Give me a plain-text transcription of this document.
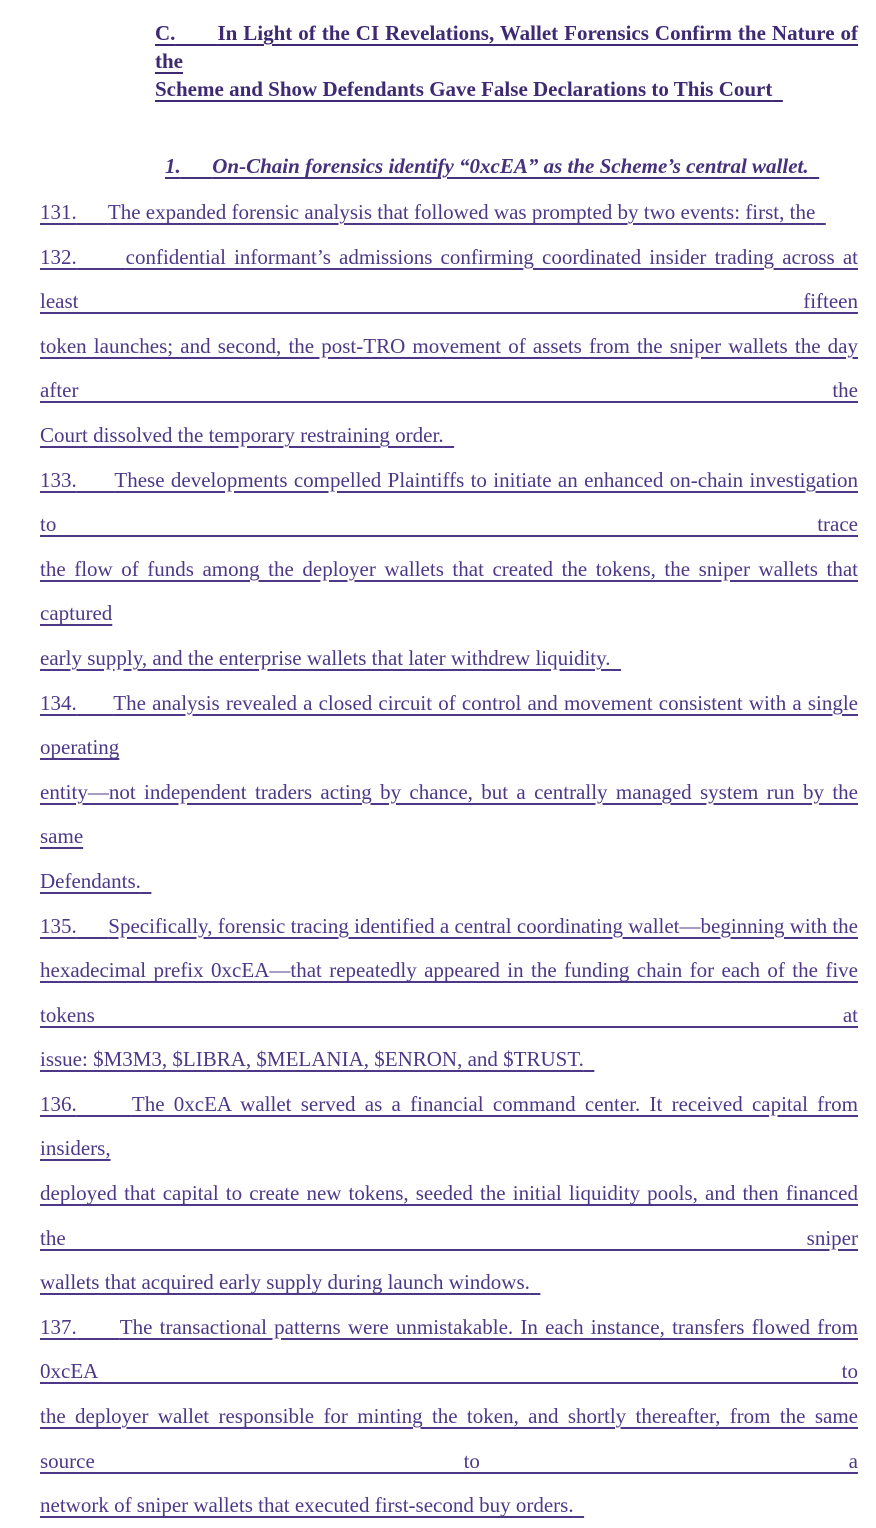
C. In Light of the CI Revelations, Wallet Forensics Confirm the Nature of the
Scheme and Show Defendants Gave False Declarations to This Court
1. On-Chain forensics identify “0xcEA” as the Scheme’s central wallet.
131. The expanded forensic analysis that followed was prompted by two events: first, the
132. confidential informant’s admissions confirming coordinated insider trading across at least fifteen
token launches; and second, the post-TRO movement of assets from the sniper wallets the day after the
Court dissolved the temporary restraining order.
133. These developments compelled Plaintiffs to initiate an enhanced on-chain investigation to trace
the flow of funds among the deployer wallets that created the tokens, the sniper wallets that captured
early supply, and the enterprise wallets that later withdrew liquidity.
134. The analysis revealed a closed circuit of control and movement consistent with a single operating
entity—not independent traders acting by chance, but a centrally managed system run by the same
Defendants.
135. Specifically, forensic tracing identified a central coordinating wallet—beginning with the
hexadecimal prefix 0xcEA—that repeatedly appeared in the funding chain for each of the five tokens at
issue: $M3M3, $LIBRA, $MELANIA, $ENRON, and $TRUST.
136.	The 0xcEA wallet served as a financial command center. It received capital from insiders,
deployed that capital to create new tokens, seeded the initial liquidity pools, and then financed the sniper
wallets that acquired early supply during launch windows.
137. The transactional patterns were unmistakable. In each instance, transfers flowed from 0xcEA to
the deployer wallet responsible for minting the token, and shortly thereafter, from the same source to a
network of sniper wallets that executed first-second buy orders.
